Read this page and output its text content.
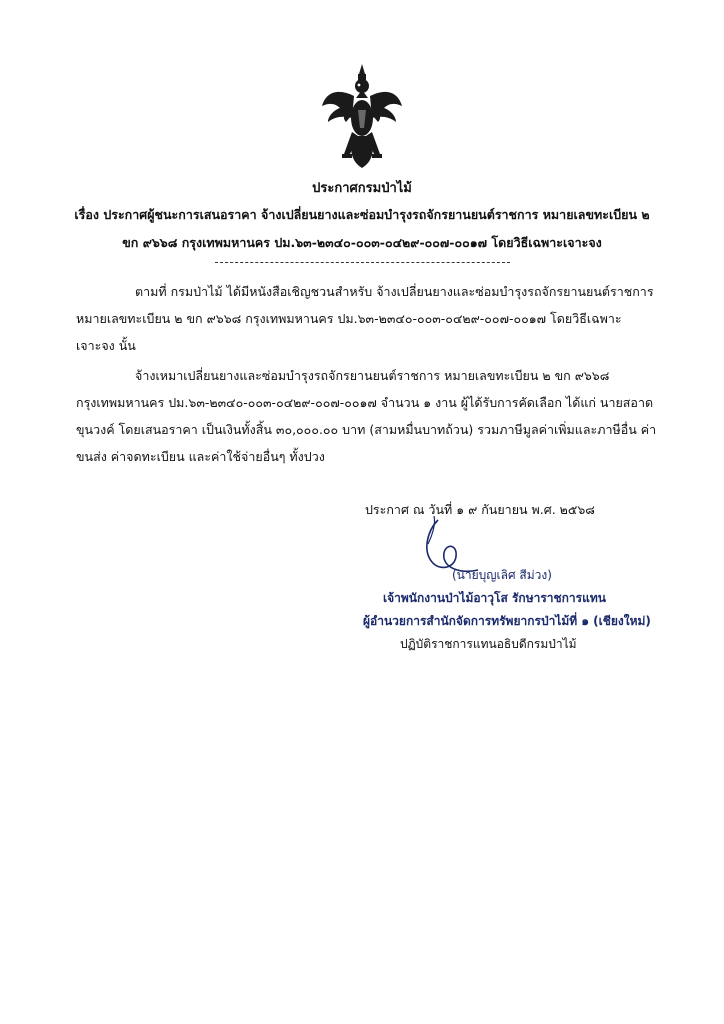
ประกาศกรมป่าไม้
เรื่อง ประกาศผู้ชนะการเสนอราคา จ้างเปลี่ยนยางและซ่อมบำรุงรถจักรยานยนต์ราชการ หมายเลขทะเบียน ๒
ขก ๙๖๖๘ กรุงเทพมหานคร ปม.๖๓-๒๓๔๐-๐๐๓-๐๔๒๙-๐๐๗-๐๐๑๗ โดยวิธีเฉพาะเจาะจง
ตามที่ กรมป่าไม้ ได้มีหนังสือเชิญชวนสำหรับ จ้างเปลี่ยนยางและซ่อมบำรุงรถจักรยานยนต์ราชการ
หมายเลขทะเบียน ๒ ขก ๙๖๖๘ กรุงเทพมหานคร ปม.๖๓-๒๓๔๐-๐๐๓-๐๔๒๙-๐๐๗-๐๐๑๗ โดยวิธีเฉพาะ
เจาะจง นั้น
จ้างเหมาเปลี่ยนยางและซ่อมบำรุงรถจักรยานยนต์ราชการ หมายเลขทะเบียน ๒ ขก ๙๖๖๘
กรุงเทพมหานคร ปม.๖๓-๒๓๔๐-๐๐๓-๐๔๒๙-๐๐๗-๐๐๑๗ จำนวน ๑ งาน ผู้ได้รับการคัดเลือก ได้แก่ นายสอาด
ขุนวงค์ โดยเสนอราคา เป็นเงินทั้งสิ้น ๓๐,๐๐๐.๐๐ บาท (สามหมื่นบาทถ้วน) รวมภาษีมูลค่าเพิ่มและภาษีอื่น ค่า
ขนส่ง ค่าจดทะเบียน และค่าใช้จ่ายอื่นๆ ทั้งปวง
ประกาศ ณ วันที่ ๑ ๙ กันยายน พ.ศ. ๒๕๖๘
(นายบุญเลิศ สีม่วง)
เจ้าพนักงานป่าไม้อาวุโส รักษาราชการแทน
ผู้อำนวยการสำนักจัดการทรัพยากรป่าไม้ที่ ๑ (เชียงใหม่)
ปฏิบัติราชการแทนอธิบดีกรมป่าไม้
